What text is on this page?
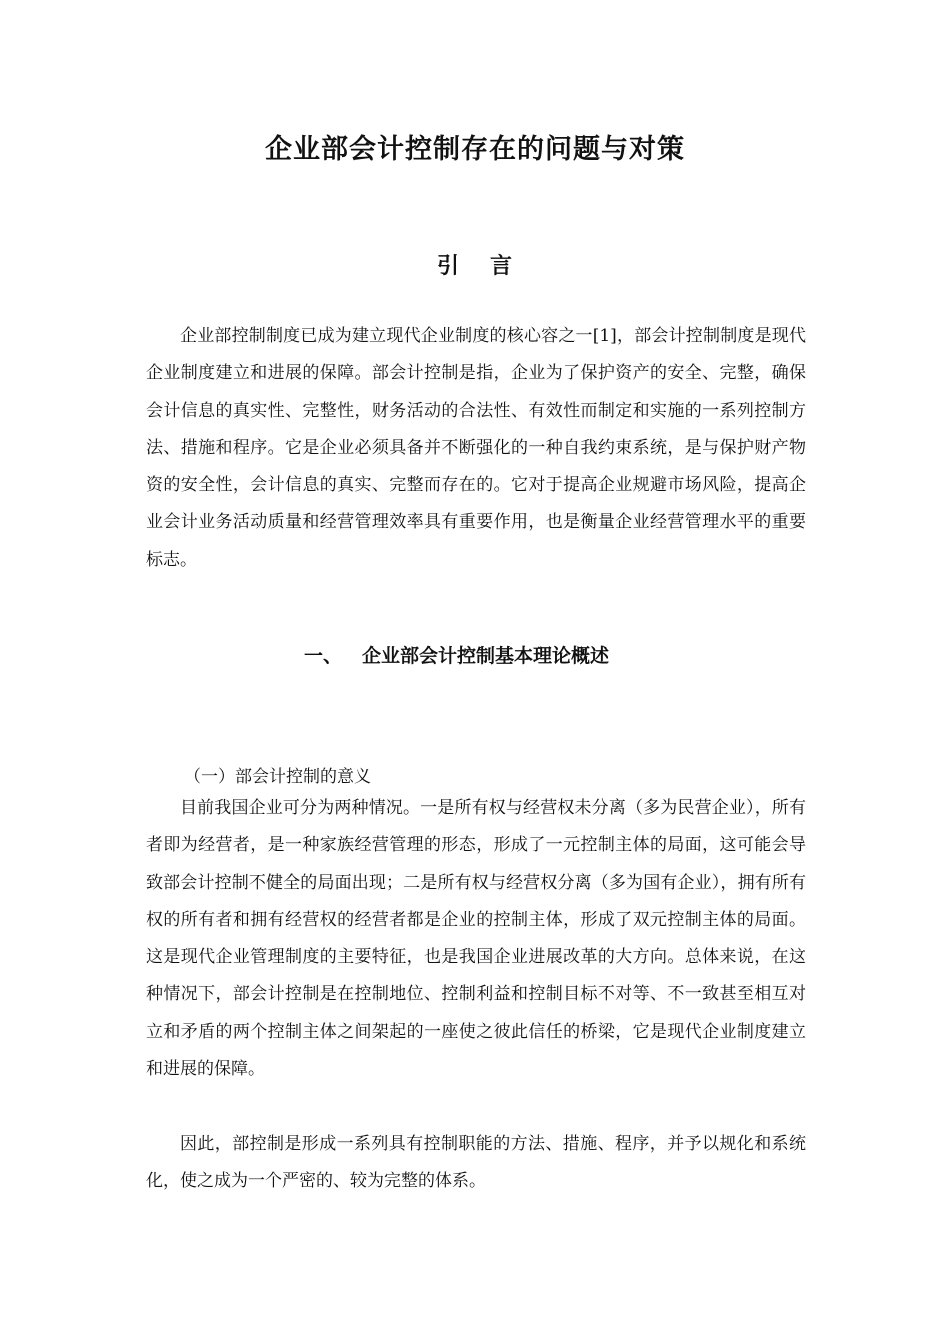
企业部会计控制存在的问题与对策
引 言

企业部控制制度已成为建立现代企业制度的核心容之一[1]，部会计控制制度是现代企业制度建立和进展的保障。部会计控制是指，企业为了保护资产的安全、完整，确保会计信息的真实性、完整性，财务活动的合法性、有效性而制定和实施的一系列控制方法、措施和程序。它是企业必须具备并不断强化的一种自我约束系统，是与保护财产物资的安全性，会计信息的真实、完整而存在的。它对于提高企业规避市场风险，提高企业会计业务活动质量和经营管理效率具有重要作用，也是衡量企业经营管理水平的重要标志。

一、 企业部会计控制基本理论概述
（一）部会计控制的意义

目前我国企业可分为两种情况。一是所有权与经营权未分离（多为民营企业），所有者即为经营者，是一种家族经营管理的形态，形成了一元控制主体的局面，这可能会导致部会计控制不健全的局面出现；二是所有权与经营权分离（多为国有企业），拥有所有权的所有者和拥有经营权的经营者都是企业的控制主体，形成了双元控制主体的局面。这是现代企业管理制度的主要特征，也是我国企业进展改革的大方向。总体来说，在这种情况下，部会计控制是在控制地位、控制利益和控制目标不对等、不一致甚至相互对立和矛盾的两个控制主体之间架起的一座使之彼此信任的桥梁，它是现代企业制度建立和进展的保障。

因此，部控制是形成一系列具有控制职能的方法、措施、程序，并予以规化和系统化，使之成为一个严密的、较为完整的体系。
